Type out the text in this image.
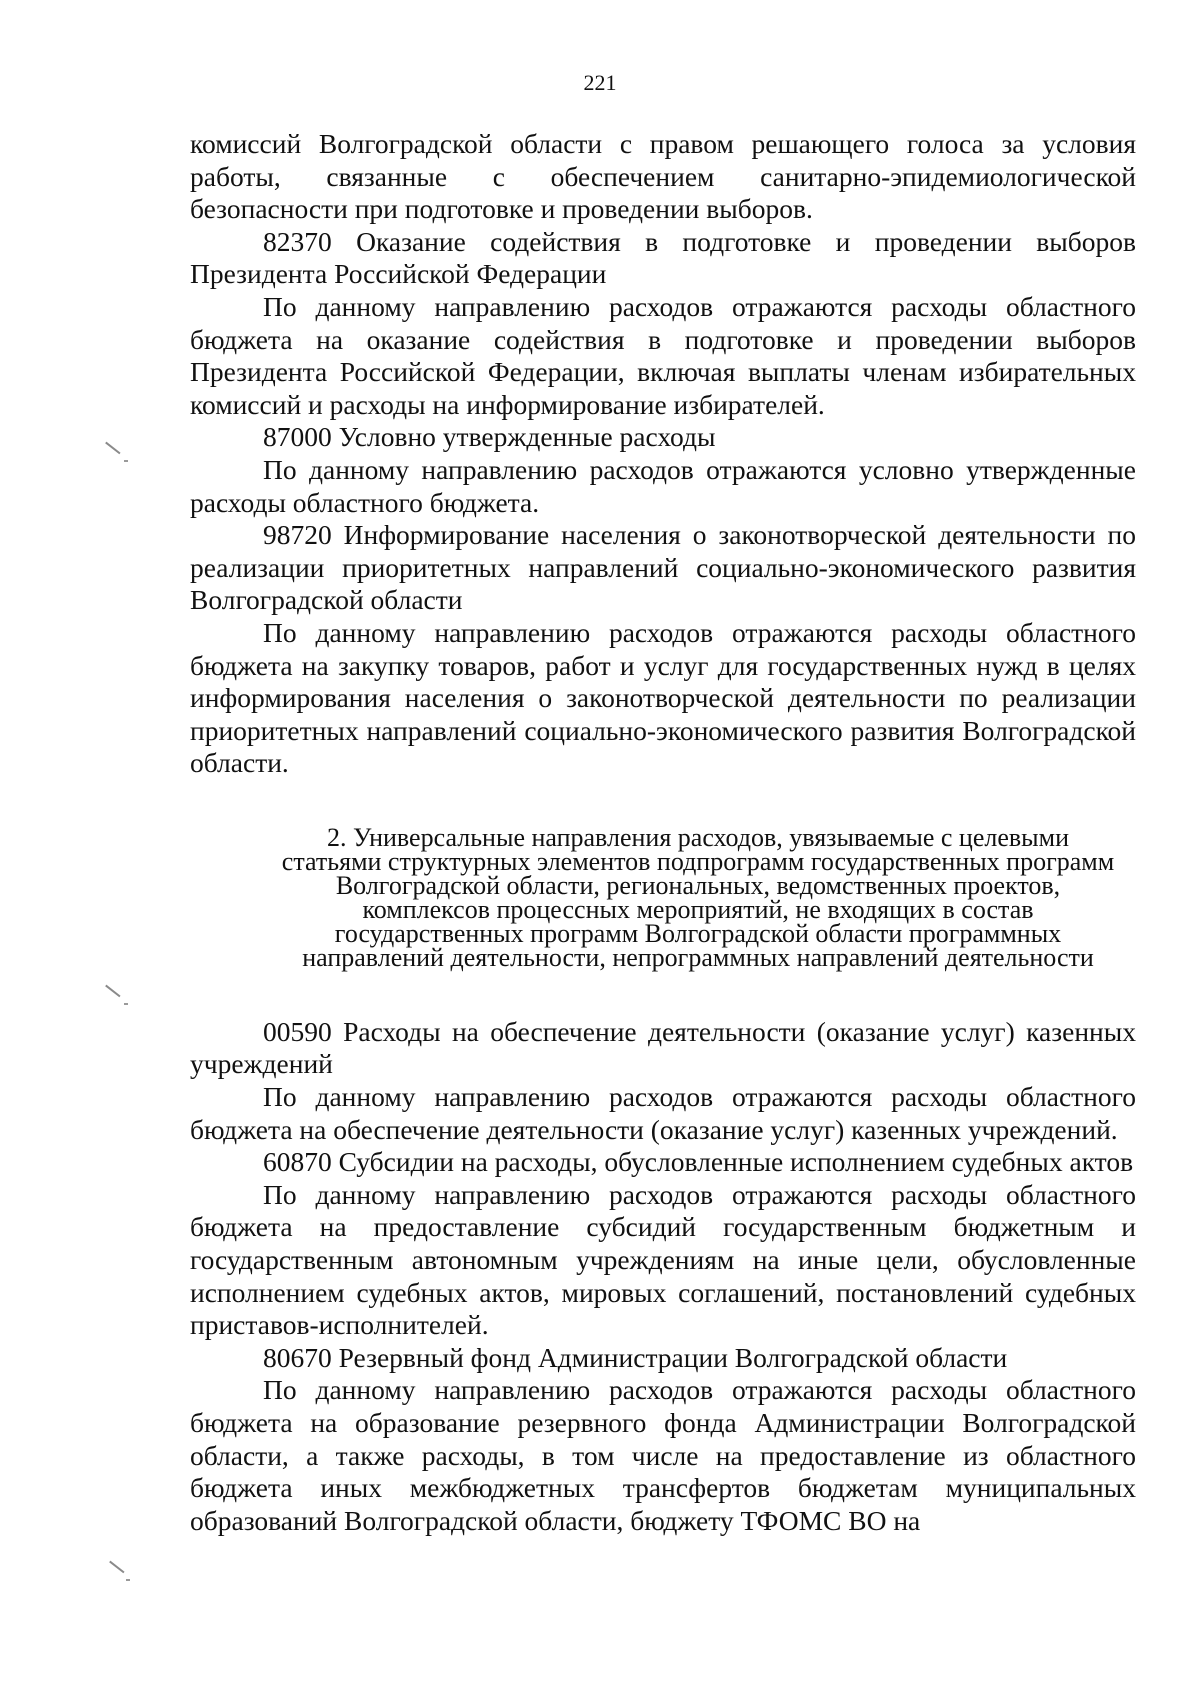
221

комиссий Волгоградской области с правом решающего голоса за условия работы, связанные с обеспечением санитарно-эпидемиологической безопасности при подготовке и проведении выборов.

82370 Оказание содействия в подготовке и проведении выборов Президента Российской Федерации

По данному направлению расходов отражаются расходы областного бюджета на оказание содействия в подготовке и проведении выборов Президента Российской Федерации, включая выплаты членам избирательных комиссий и расходы на информирование избирателей.

87000 Условно утвержденные расходы

По данному направлению расходов отражаются условно утвержденные расходы областного бюджета.

98720 Информирование населения о законотворческой деятельности по реализации приоритетных направлений социально-экономического развития Волгоградской области

По данному направлению расходов отражаются расходы областного бюджета на закупку товаров, работ и услуг для государственных нужд в целях информирования населения о законотворческой деятельности по реализации приоритетных направлений социально-экономического развития Волгоградской области.

2. Универсальные направления расходов, увязываемые с целевыми статьями структурных элементов подпрограмм государственных программ Волгоградской области, региональных, ведомственных проектов, комплексов процессных мероприятий, не входящих в состав государственных программ Волгоградской области программных направлений деятельности, непрограммных направлений деятельности

00590 Расходы на обеспечение деятельности (оказание услуг) казенных учреждений

По данному направлению расходов отражаются расходы областного бюджета на обеспечение деятельности (оказание услуг) казенных учреждений.

60870 Субсидии на расходы, обусловленные исполнением судебных актов

По данному направлению расходов отражаются расходы областного бюджета на предоставление субсидий государственным бюджетным и государственным автономным учреждениям на иные цели, обусловленные исполнением судебных актов, мировых соглашений, постановлений судебных приставов-исполнителей.

80670 Резервный фонд Администрации Волгоградской области

По данному направлению расходов отражаются расходы областного бюджета на образование резервного фонда Администрации Волгоградской области, а также расходы, в том числе на предоставление из областного бюджета иных межбюджетных трансфертов бюджетам муниципальных образований Волгоградской области, бюджету ТФОМС ВО на
